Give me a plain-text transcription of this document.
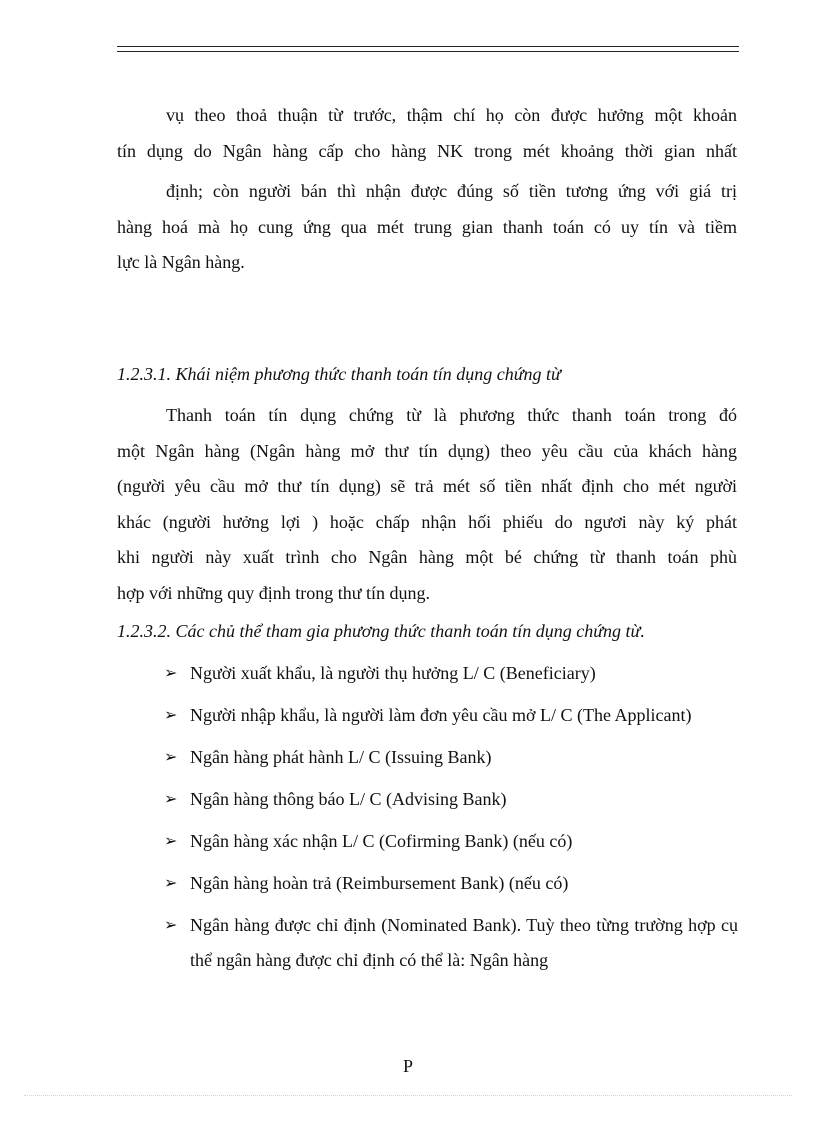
vụ theo thoả thuận từ trước, thậm chí họ còn được hưởng một khoản
tín dụng do Ngân hàng cấp cho hàng NK trong mét khoảng thời gian nhất
định; còn người bán thì nhận được đúng số tiền tương ứng với giá trị
hàng hoá mà họ cung ứng qua mét trung gian thanh toán có uy tín và tiềm
lực là Ngân hàng.
1.2.3.1. Khái niệm phương thức thanh toán tín dụng chứng từ
Thanh toán tín dụng chứng từ là phương thức thanh toán trong đó
một Ngân hàng (Ngân hàng mở thư tín dụng) theo yêu cầu của khách hàng
(người yêu cầu mở thư tín dụng) sẽ trả mét số tiền nhất định cho mét người
khác (người hưởng lợi ) hoặc chấp nhận hối phiếu do ngươi này ký phát
khi người này xuất trình cho Ngân hàng một bé chứng từ thanh toán phù
hợp với những quy định trong thư tín dụng.
1.2.3.2. Các chủ thể tham gia phương thức thanh toán tín dụng chứng từ.
➢ Người xuất khẩu, là người thụ hưởng L/ C (Beneficiary)
➢ Người nhập khẩu, là người làm đơn yêu cầu mở L/ C (The Applicant)
➢ Ngân hàng phát hành L/ C (Issuing Bank)
➢ Ngân hàng thông báo L/ C (Advising Bank)
➢ Ngân hàng xác nhận L/ C (Cofirming Bank) (nếu có)
➢ Ngân hàng hoàn trả (Reimbursement Bank) (nếu có)
➢ Ngân hàng được chỉ định (Nominated Bank). Tuỳ theo từng trường hợp cụ thể ngân hàng được chỉ định có thể là: Ngân hàng
P
